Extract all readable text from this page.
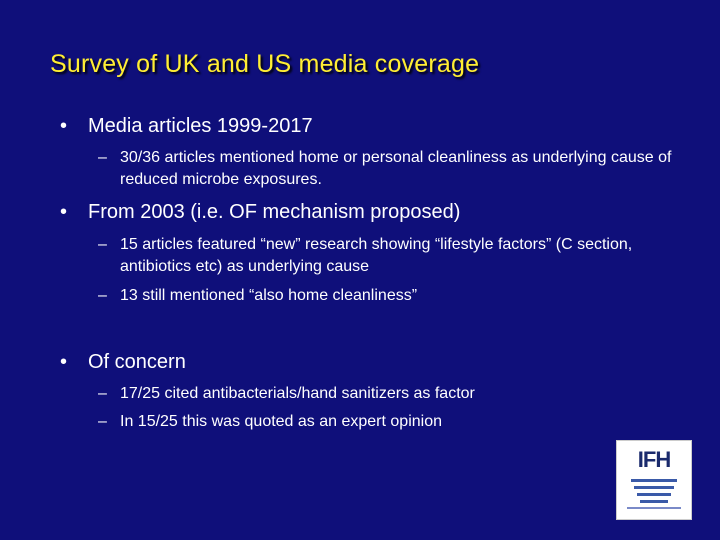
Survey of UK and US media coverage
• Media articles 1999-2017
– 30/36 articles mentioned home or personal cleanliness as underlying cause of reduced microbe exposures.
• From 2003 (i.e. OF mechanism proposed)
– 15 articles featured “new” research showing “lifestyle factors” (C section, antibiotics etc) as underlying cause
– 13 still mentioned “also home cleanliness”
• Of concern
– 17/25 cited antibacterials/hand sanitizers as factor
– In 15/25 this was quoted as an expert opinion
IFH
